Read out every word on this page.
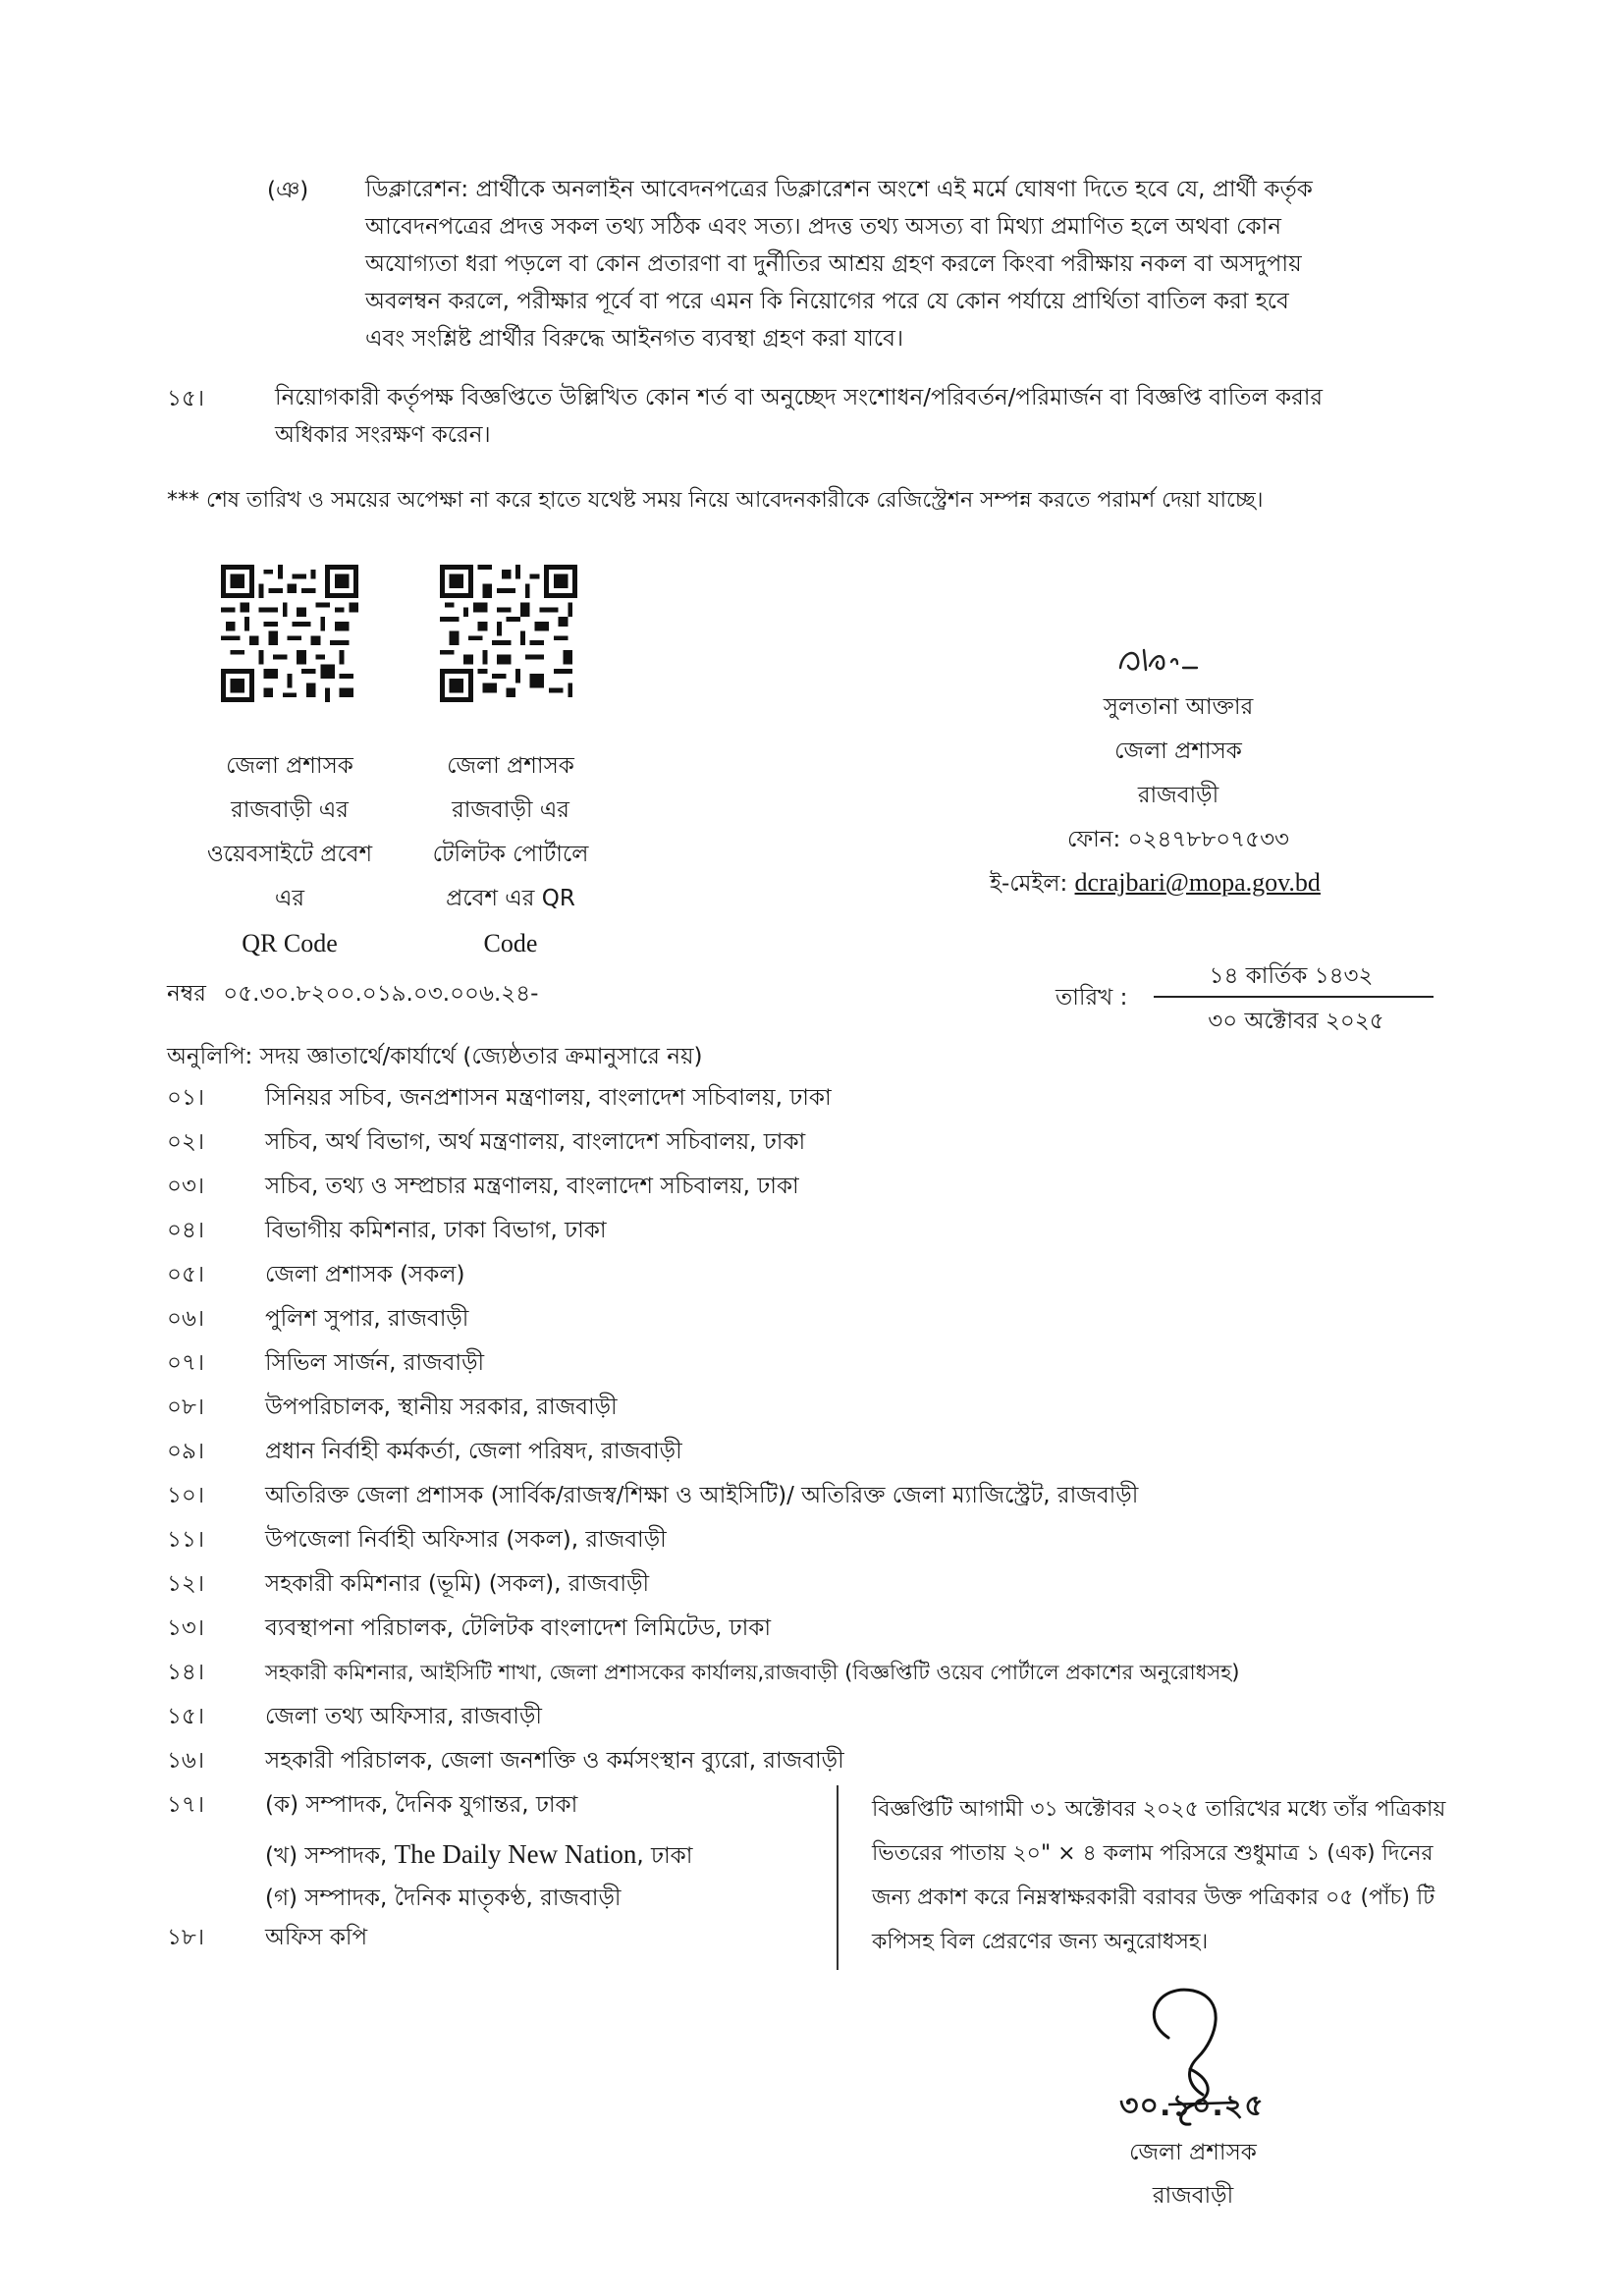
(ঞ)	ডিক্লারেশন: প্রার্থীকে অনলাইন আবেদনপত্রের ডিক্লারেশন অংশে এই মর্মে ঘোষণা দিতে হবে যে, প্রার্থী কর্তৃক
আবেদনপত্রের প্রদত্ত সকল তথ্য সঠিক এবং সত্য। প্রদত্ত তথ্য অসত্য বা মিথ্যা প্রমাণিত হলে অথবা কোন
অযোগ্যতা ধরা পড়লে বা কোন প্রতারণা বা দুর্নীতির আশ্রয় গ্রহণ করলে কিংবা পরীক্ষায় নকল বা অসদুপায়
অবলম্বন করলে, পরীক্ষার পূর্বে বা পরে এমন কি নিয়োগের পরে যে কোন পর্যায়ে প্রার্থিতা বাতিল করা হবে
এবং সংশ্লিষ্ট প্রার্থীর বিরুদ্ধে আইনগত ব্যবস্থা গ্রহণ করা যাবে।
১৫।	নিয়োগকারী কর্তৃপক্ষ বিজ্ঞপ্তিতে উল্লিখিত কোন শর্ত বা অনুচ্ছেদ সংশোধন/পরিবর্তন/পরিমার্জন বা বিজ্ঞপ্তি বাতিল করার
অধিকার সংরক্ষণ করেন।
*** শেষ তারিখ ও সময়ের অপেক্ষা না করে হাতে যথেষ্ট সময় নিয়ে আবেদনকারীকে রেজিস্ট্রেশন সম্পন্ন করতে পরামর্শ দেয়া যাচ্ছে।
জেলা প্রশাসক
রাজবাড়ী এর
ওয়েবসাইটে প্রবেশ
এর
QR Code
জেলা প্রশাসক
রাজবাড়ী এর
টেলিটক পোর্টালে
প্রবেশ এর QR
Code
সুলতানা আক্তার
জেলা প্রশাসক
রাজবাড়ী
ফোন: ০২৪৭৮৮০৭৫৩৩
ই-মেইল: dcrajbari@mopa.gov.bd
নম্বর ০৫.৩০.৮২০০.০১৯.০৩.০০৬.২৪-	তারিখ :
১৪ কার্তিক ১৪৩২
৩০ অক্টোবর ২০২৫
অনুলিপি: সদয় জ্ঞাতার্থে/কার্যার্থে (জ্যেষ্ঠতার ক্রমানুসারে নয়)
০১।	সিনিয়র সচিব, জনপ্রশাসন মন্ত্রণালয়, বাংলাদেশ সচিবালয়, ঢাকা
০২।	সচিব, অর্থ বিভাগ, অর্থ মন্ত্রণালয়, বাংলাদেশ সচিবালয়, ঢাকা
০৩।	সচিব, তথ্য ও সম্প্রচার মন্ত্রণালয়, বাংলাদেশ সচিবালয়, ঢাকা
০৪।	বিভাগীয় কমিশনার, ঢাকা বিভাগ, ঢাকা
০৫।	জেলা প্রশাসক (সকল)
০৬।	পুলিশ সুপার, রাজবাড়ী
০৭।	সিভিল সার্জন, রাজবাড়ী
০৮।	উপপরিচালক, স্থানীয় সরকার, রাজবাড়ী
০৯।	প্রধান নির্বাহী কর্মকর্তা, জেলা পরিষদ, রাজবাড়ী
১০।	অতিরিক্ত জেলা প্রশাসক (সার্বিক/রাজস্ব/শিক্ষা ও আইসিটি)/ অতিরিক্ত জেলা ম্যাজিস্ট্রেট, রাজবাড়ী
১১।	উপজেলা নির্বাহী অফিসার (সকল), রাজবাড়ী
১২।	সহকারী কমিশনার (ভূমি) (সকল), রাজবাড়ী
১৩।	ব্যবস্থাপনা পরিচালক, টেলিটক বাংলাদেশ লিমিটেড, ঢাকা
১৪।	সহকারী কমিশনার, আইসিটি শাখা, জেলা প্রশাসকের কার্যালয়,রাজবাড়ী (বিজ্ঞপ্তিটি ওয়েব পোর্টালে প্রকাশের অনুরোধসহ)
১৫।	জেলা তথ্য অফিসার, রাজবাড়ী
১৬।	সহকারী পরিচালক, জেলা জনশক্তি ও কর্মসংস্থান ব্যুরো, রাজবাড়ী
১৭।	(ক) সম্পাদক, দৈনিক যুগান্তর, ঢাকা
(খ) সম্পাদক, The Daily New Nation, ঢাকা
(গ) সম্পাদক, দৈনিক মাতৃকণ্ঠ, রাজবাড়ী
বিজ্ঞপ্তিটি আগামী ৩১ অক্টোবর ২০২৫ তারিখের মধ্যে তাঁর পত্রিকায়
ভিতরের পাতায় ২০" × ৪ কলাম পরিসরে শুধুমাত্র ১ (এক) দিনের
জন্য প্রকাশ করে নিম্নস্বাক্ষরকারী বরাবর উক্ত পত্রিকার ০৫ (পাঁচ) টি
কপিসহ বিল প্রেরণের জন্য অনুরোধসহ।
১৮।	অফিস কপি
৩০.১০.২৫
জেলা প্রশাসক
রাজবাড়ী
